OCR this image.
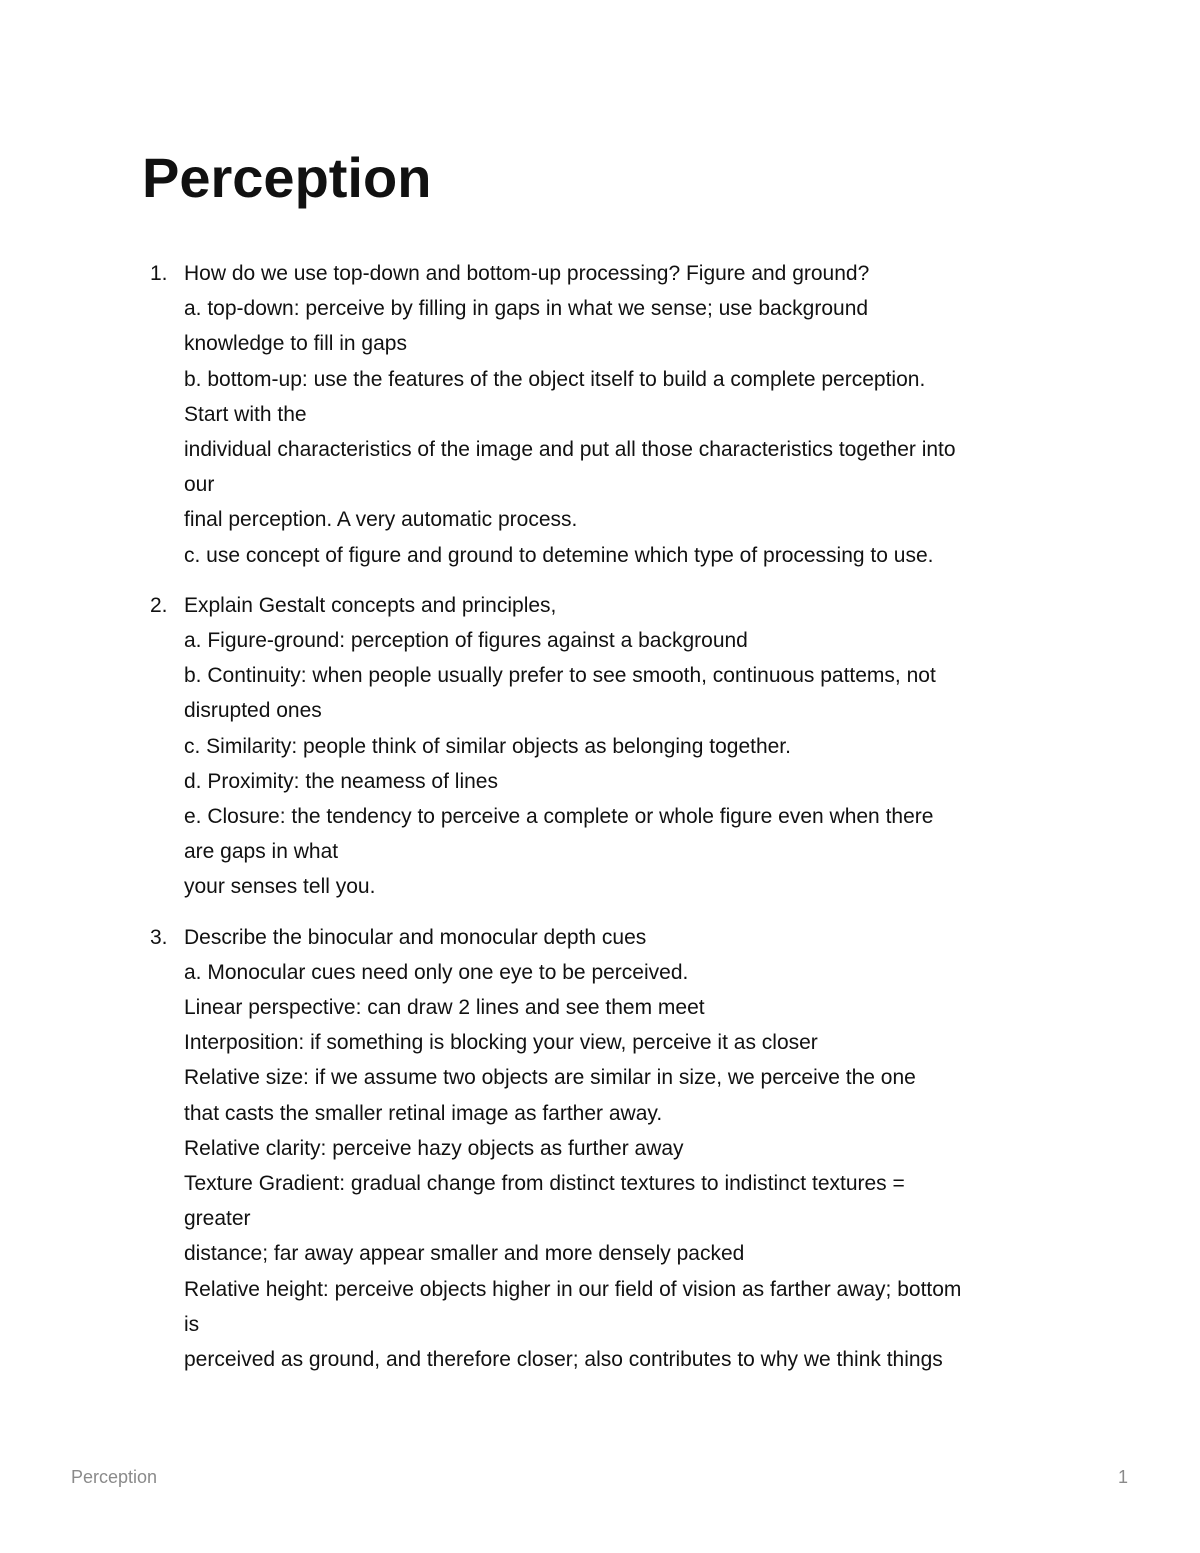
Perception
1. How do we use top-down and bottom-up processing? Figure and ground?
a. top-down: perceive by filling in gaps in what we sense; use background
knowledge to fill in gaps
b. bottom-up: use the features of the object itself to build a complete perception.
Start with the
individual characteristics of the image and put all those characteristics together into
our
final perception. A very automatic process.
c. use concept of figure and ground to detemine which type of processing to use.
2. Explain Gestalt concepts and principles,
a. Figure-ground: perception of figures against a background
b. Continuity: when people usually prefer to see smooth, continuous pattems, not
disrupted ones
c. Similarity: people think of similar objects as belonging together.
d. Proximity: the neamess of lines
e. Closure: the tendency to perceive a complete or whole figure even when there
are gaps in what
your senses tell you.
3. Describe the binocular and monocular depth cues
a. Monocular cues need only one eye to be perceived.
Linear perspective: can draw 2 lines and see them meet
Interposition: if something is blocking your view, perceive it as closer
Relative size: if we assume two objects are similar in size, we perceive the one
that casts the smaller retinal image as farther away.
Relative clarity: perceive hazy objects as further away
Texture Gradient: gradual change from distinct textures to indistinct textures =
greater
distance; far away appear smaller and more densely packed
Relative height: perceive objects higher in our field of vision as farther away; bottom
is
perceived as ground, and therefore closer; also contributes to why we think things
Perception	1
